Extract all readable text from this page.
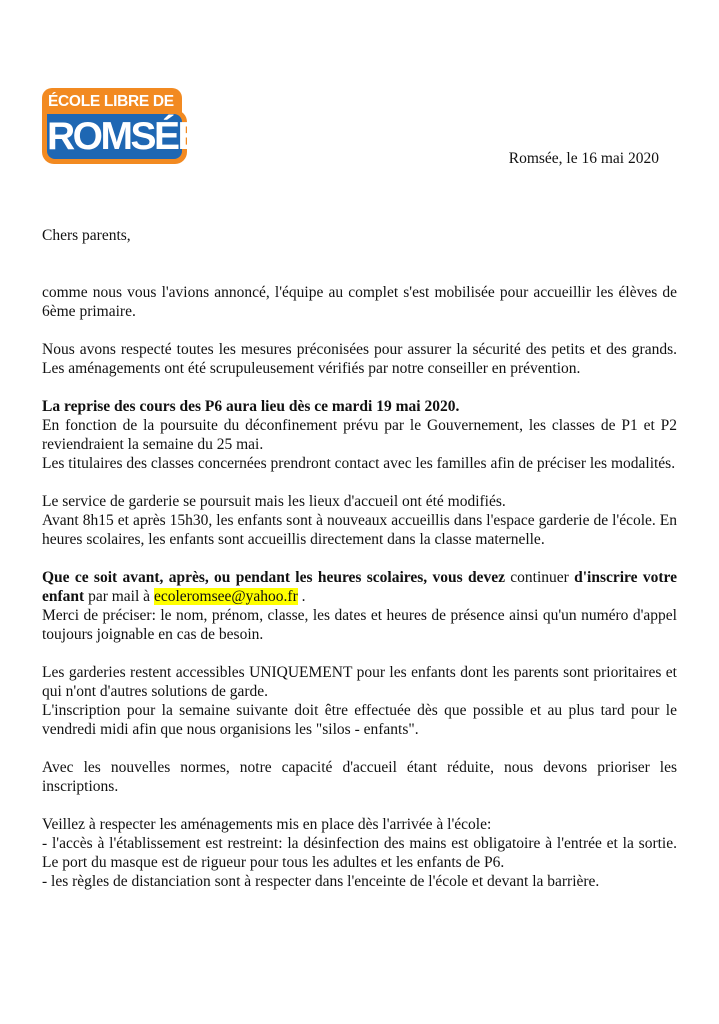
ROMSÉE
ÉCOLE LIBRE DE
Romsée, le 16 mai 2020

Chers parents,

comme nous vous l'avions annoncé, l'équipe au complet s'est mobilisée pour accueillir les élèves de 6ème primaire.

Nous avons respecté toutes les mesures préconisées pour assurer la sécurité des petits et des grands. Les aménagements ont été scrupuleusement vérifiés par notre conseiller en prévention.

La reprise des cours des P6 aura lieu dès ce mardi 19 mai 2020.

En fonction de la poursuite du déconfinement prévu par le Gouvernement, les classes de P1 et P2 reviendraient la semaine du 25 mai.

Les titulaires des classes concernées prendront contact avec les familles afin de préciser les modalités.

Le service de garderie se poursuit mais les lieux d'accueil ont été modifiés.

Avant 8h15 et après 15h30, les enfants sont à nouveaux accueillis dans l'espace garderie de l'école. En heures scolaires, les enfants sont accueillis directement dans la classe maternelle.

Que ce soit avant, après, ou pendant les heures scolaires, vous devez continuer d'inscrire votre enfant par mail à ecoleromsee@yahoo.fr .

Merci de préciser: le nom, prénom, classe, les dates et heures de présence ainsi qu'un numéro d'appel toujours joignable en cas de besoin.

Les garderies restent accessibles UNIQUEMENT pour les enfants dont les parents sont prioritaires et qui n'ont d'autres solutions de garde.

L'inscription pour la semaine suivante doit être effectuée dès que possible et au plus tard pour le vendredi midi afin que nous organisions les "silos - enfants".

Avec les nouvelles normes, notre capacité d'accueil étant réduite, nous devons prioriser les inscriptions.

Veillez à respecter les aménagements mis en place dès l'arrivée à l'école:

- l'accès à l'établissement est restreint: la désinfection des mains est obligatoire à l'entrée et la sortie. Le port du masque est de rigueur pour tous les adultes et les enfants de P6.

- les règles de distanciation sont à respecter dans l'enceinte de l'école et devant la barrière.
